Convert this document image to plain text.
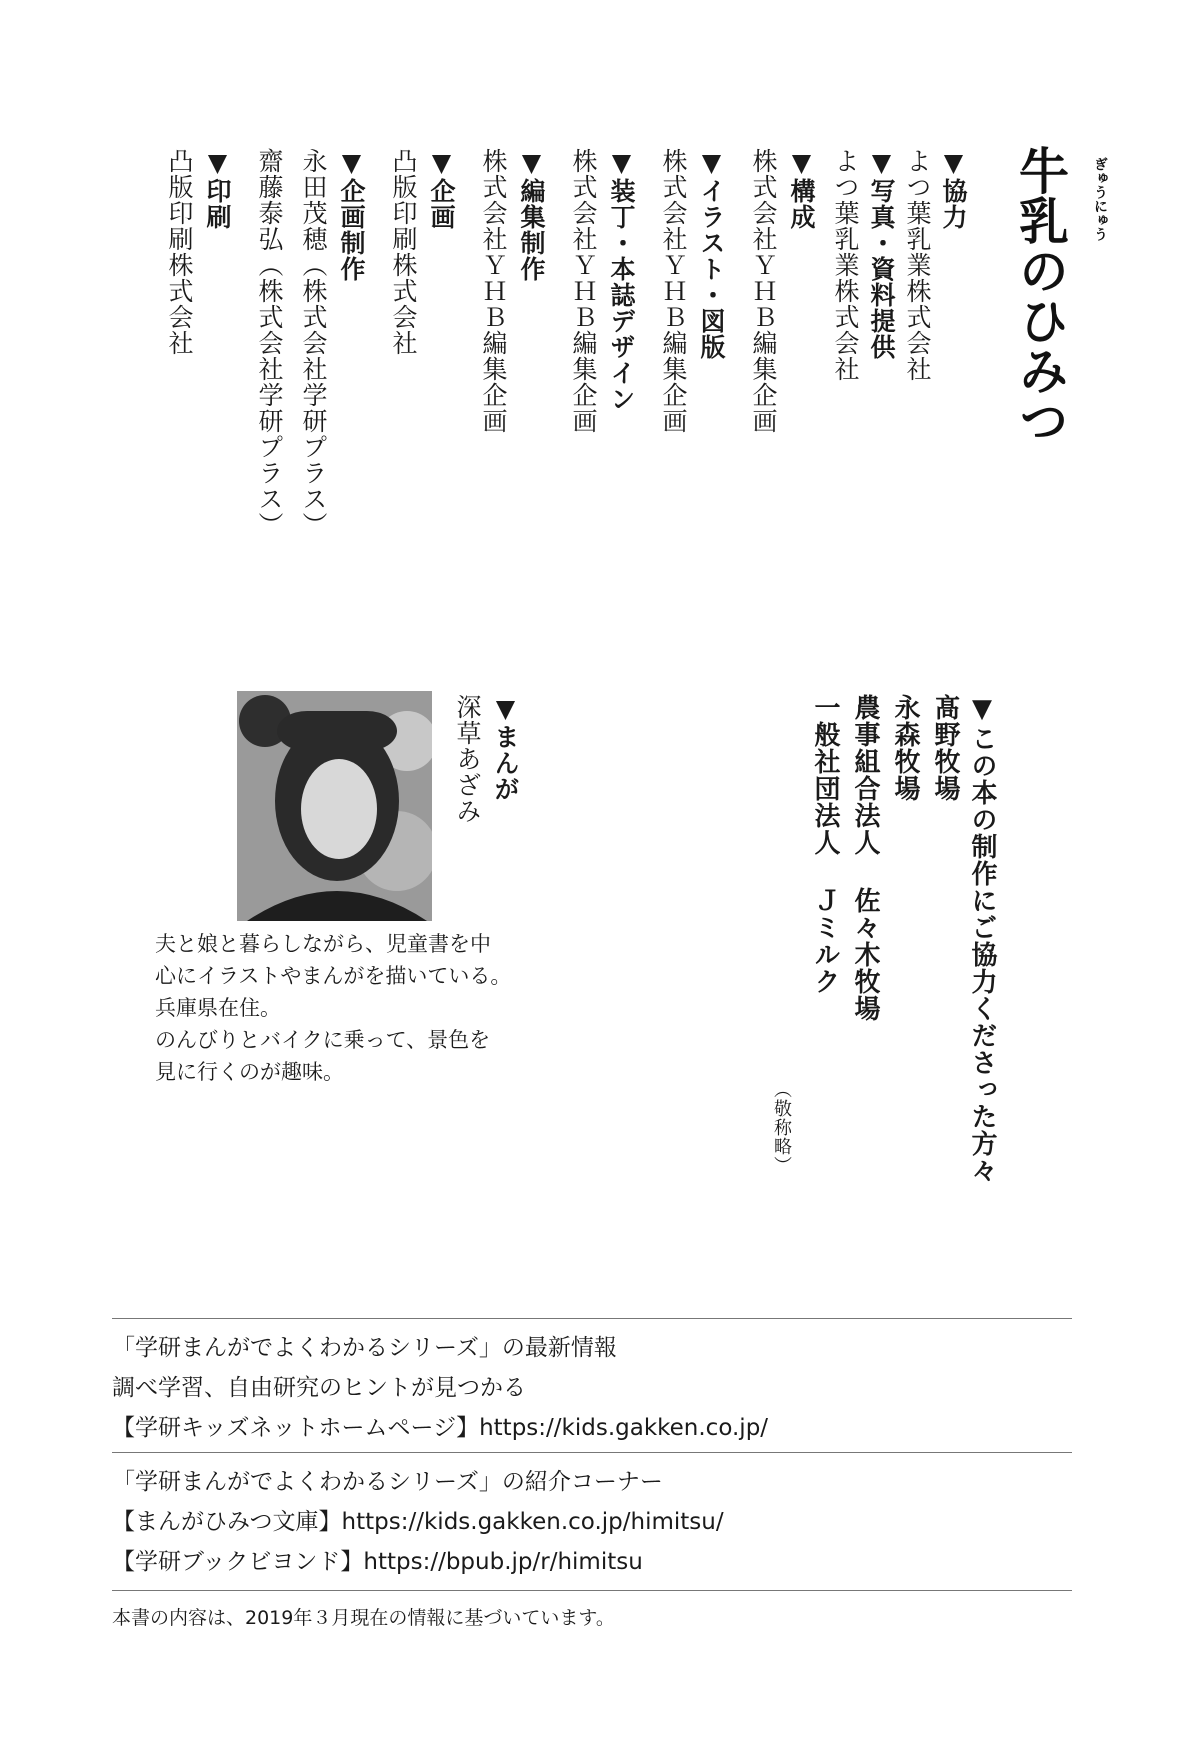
牛乳のひみつ	ぎゅうにゅう
▼協力
よつ葉乳業株式会社
▼写真・資料提供
よつ葉乳業株式会社
▼構成
株式会社ＹＨＢ編集企画
▼イラスト・図版
株式会社ＹＨＢ編集企画
▼装丁・本誌デザイン
株式会社ＹＨＢ編集企画
▼編集制作
株式会社ＹＨＢ編集企画
▼企画
凸版印刷株式会社
▼企画制作
永田茂穂（株式会社学研プラス）
齋藤泰弘（株式会社学研プラス）
▼印刷
凸版印刷株式会社
▼この本の制作にご協力くださった方々
髙野牧場
永森牧場
農事組合法人 佐々木牧場
一般社団法人 Ｊミルク
（敬称略）
▼まんが
深草あざみ
夫と娘と暮らしながら、児童書を中
心にイラストやまんがを描いている。
兵庫県在住。
のんびりとバイクに乗って、景色を
見に行くのが趣味。
「学研まんがでよくわかるシリーズ」の最新情報
調べ学習、自由研究のヒントが見つかる
【学研キッズネットホームページ】https://kids.gakken.co.jp/
「学研まんがでよくわかるシリーズ」の紹介コーナー
【まんがひみつ文庫】https://kids.gakken.co.jp/himitsu/
【学研ブックビヨンド】https://bpub.jp/r/himitsu
本書の内容は、2019年３月現在の情報に基づいています。
